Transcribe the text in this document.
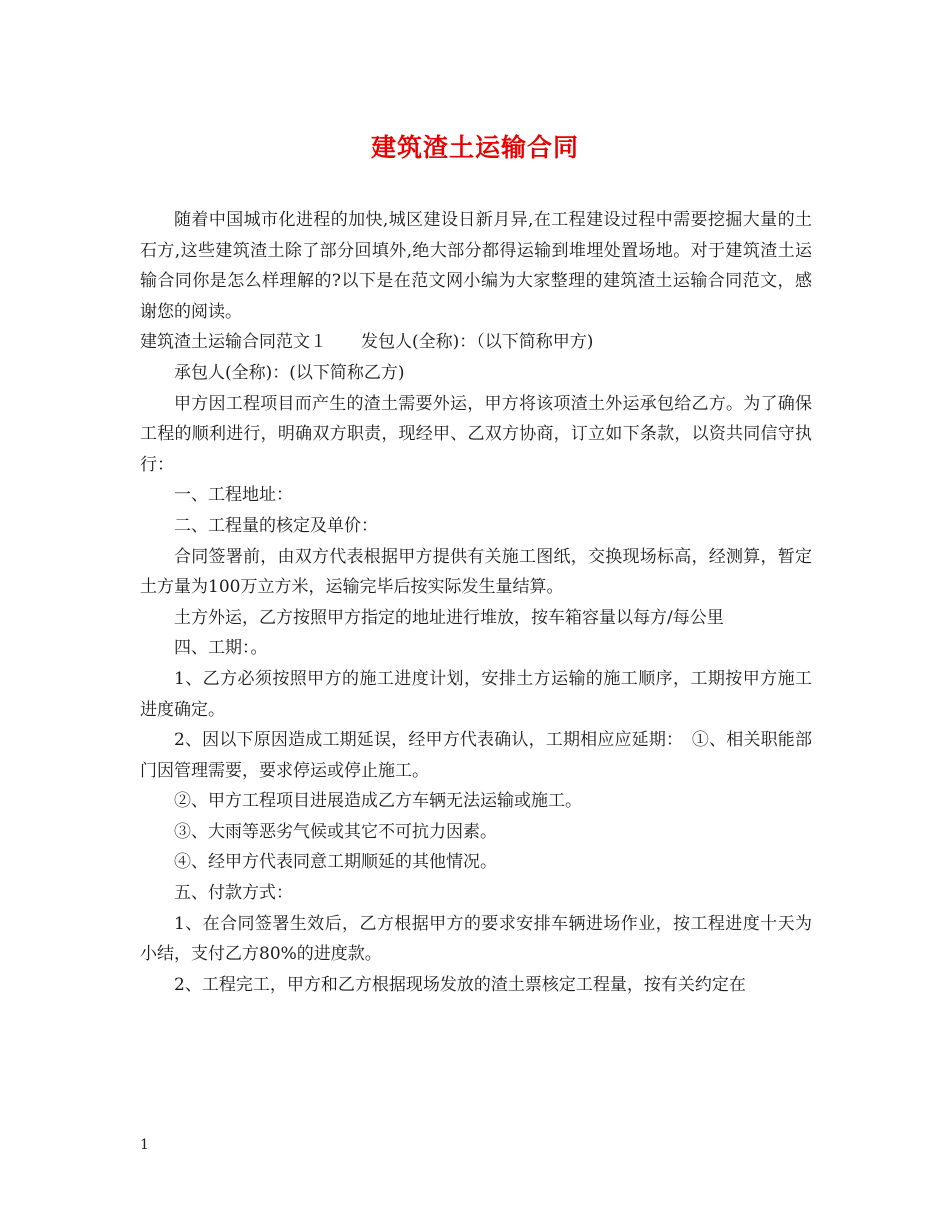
建筑渣土运输合同

随着中国城市化进程的加快,城区建设日新月异,在工程建设过程中需要挖掘大量的土石方,这些建筑渣土除了部分回填外,绝大部分都得运输到堆埋处置场地。对于建筑渣土运输合同你是怎么样理解的?以下是在范文网小编为大家整理的建筑渣土运输合同范文，感谢您的阅读。

建筑渣土运输合同范文１　　发包人(全称)：（以下简称甲方)

承包人(全称)：(以下简称乙方)

甲方因工程项目而产生的渣土需要外运，甲方将该项渣土外运承包给乙方。为了确保工程的顺利进行，明确双方职责，现经甲、乙双方协商，订立如下条款，以资共同信守执行：

一、工程地址：

二、工程量的核定及单价：

合同签署前，由双方代表根据甲方提供有关施工图纸，交换现场标高，经测算，暂定土方量为100万立方米，运输完毕后按实际发生量结算。

土方外运，乙方按照甲方指定的地址进行堆放，按车箱容量以每方/每公里

四、工期：。

1、乙方必须按照甲方的施工进度计划，安排土方运输的施工顺序，工期按甲方施工进度确定。

2、因以下原因造成工期延误，经甲方代表确认，工期相应应延期：　①、相关职能部门因管理需要，要求停运或停止施工。

②、甲方工程项目进展造成乙方车辆无法运输或施工。

③、大雨等恶劣气候或其它不可抗力因素。

④、经甲方代表同意工期顺延的其他情况。

五、付款方式：

1、在合同签署生效后，乙方根据甲方的要求安排车辆进场作业，按工程进度十天为小结，支付乙方80%的进度款。

2、工程完工，甲方和乙方根据现场发放的渣土票核定工程量，按有关约定在

1
